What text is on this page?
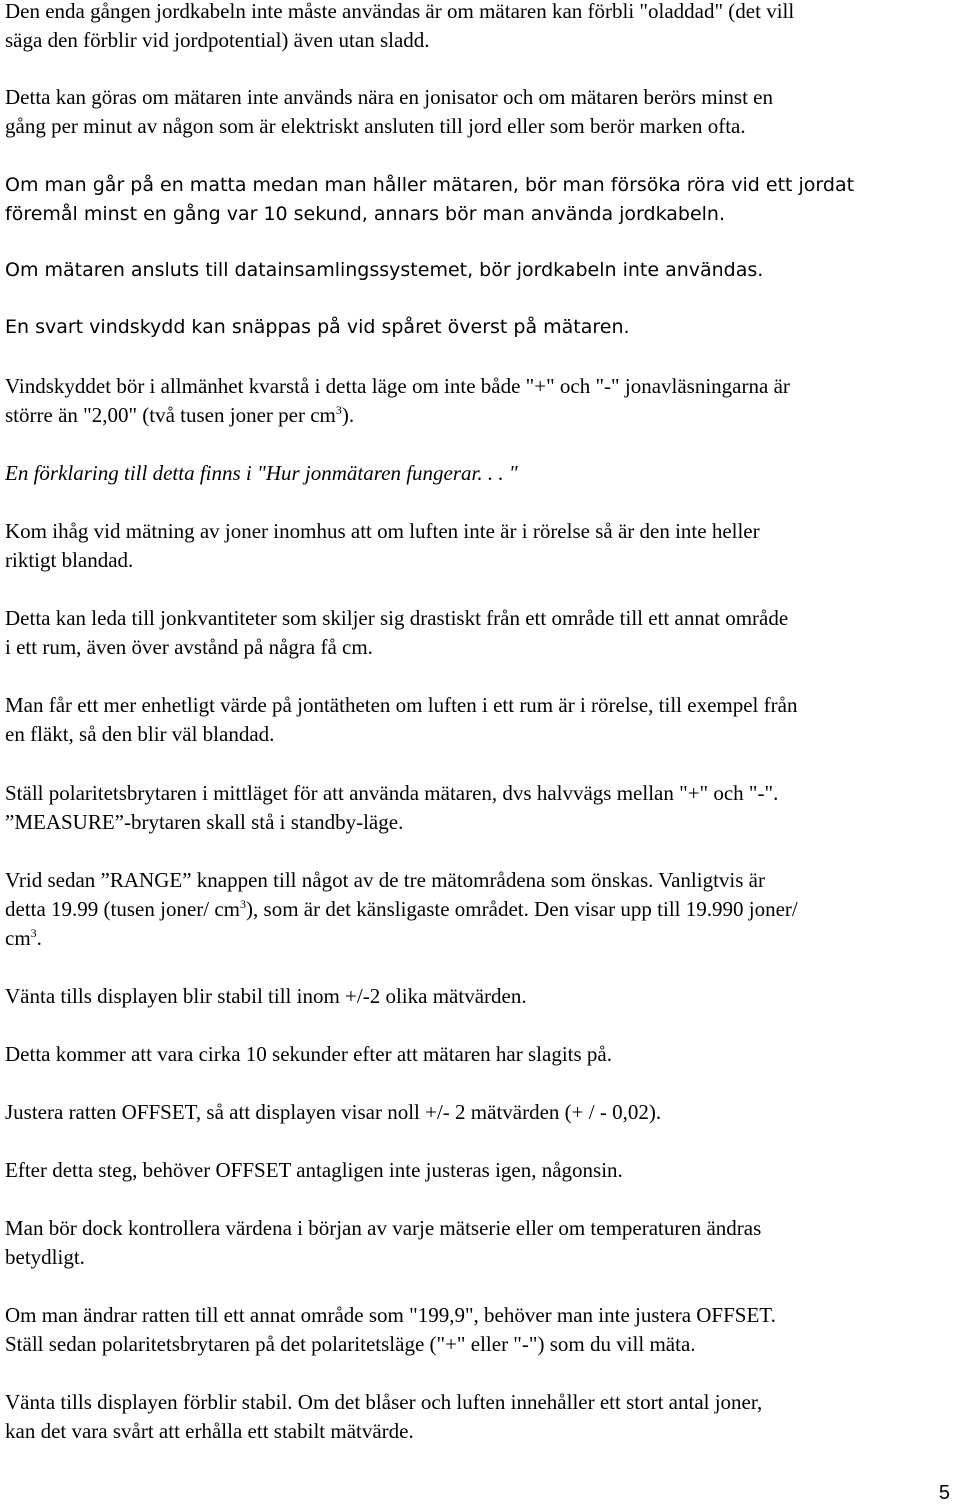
Den enda gången jordkabeln inte måste användas är om mätaren kan förbli "oladdad" (det vill
säga den förblir vid jordpotential) även utan sladd.

Detta kan göras om mätaren inte används nära en jonisator och om mätaren berörs minst en
gång per minut av någon som är elektriskt ansluten till jord eller som berör marken ofta.

Om man går på en matta medan man håller mätaren, bör man försöka röra vid ett jordat
föremål minst en gång var 10 sekund, annars bör man använda jordkabeln.

Om mätaren ansluts till datainsamlingssystemet, bör jordkabeln inte användas.

En svart vindskydd kan snäppas på vid spåret överst på mätaren.

Vindskyddet bör i allmänhet kvarstå i detta läge om inte både "+" och "-" jonavläsningarna är
större än "2,00" (två tusen joner per $cm^3$).

En förklaring till detta finns i "Hur jonmätaren fungerar. . . "

Kom ihåg vid mätning av joner inomhus att om luften inte är i rörelse så är den inte heller
riktigt blandad.

Detta kan leda till jonkvantiteter som skiljer sig drastiskt från ett område till ett annat område
i ett rum, även över avstånd på några få cm.

Man får ett mer enhetligt värde på jontätheten om luften i ett rum är i rörelse, till exempel från
en fläkt, så den blir väl blandad.

Ställ polaritetsbrytaren i mittläget för att använda mätaren, dvs halvvägs mellan "+" och "-".
”MEASURE”-brytaren skall stå i standby-läge.

Vrid sedan ”RANGE” knappen till något av de tre mätområdena som önskas. Vanligtvis är
detta 19.99 (tusen joner/ $cm^3$), som är det känsligaste området. Den visar upp till 19.990 joner/
$cm^3$.

Vänta tills displayen blir stabil till inom +/-2 olika mätvärden.

Detta kommer att vara cirka 10 sekunder efter att mätaren har slagits på.

Justera ratten OFFSET, så att displayen visar noll +/- 2 mätvärden (+ / - 0,02).

Efter detta steg, behöver OFFSET antagligen inte justeras igen, någonsin.

Man bör dock kontrollera värdena i början av varje mätserie eller om temperaturen ändras
betydligt.

Om man ändrar ratten till ett annat område som "199,9", behöver man inte justera OFFSET.
Ställ sedan polaritetsbrytaren på det polaritetsläge ("+" eller "-") som du vill mäta.

Vänta tills displayen förblir stabil. Om det blåser och luften innehåller ett stort antal joner,
kan det vara svårt att erhålla ett stabilt mätvärde.

5
